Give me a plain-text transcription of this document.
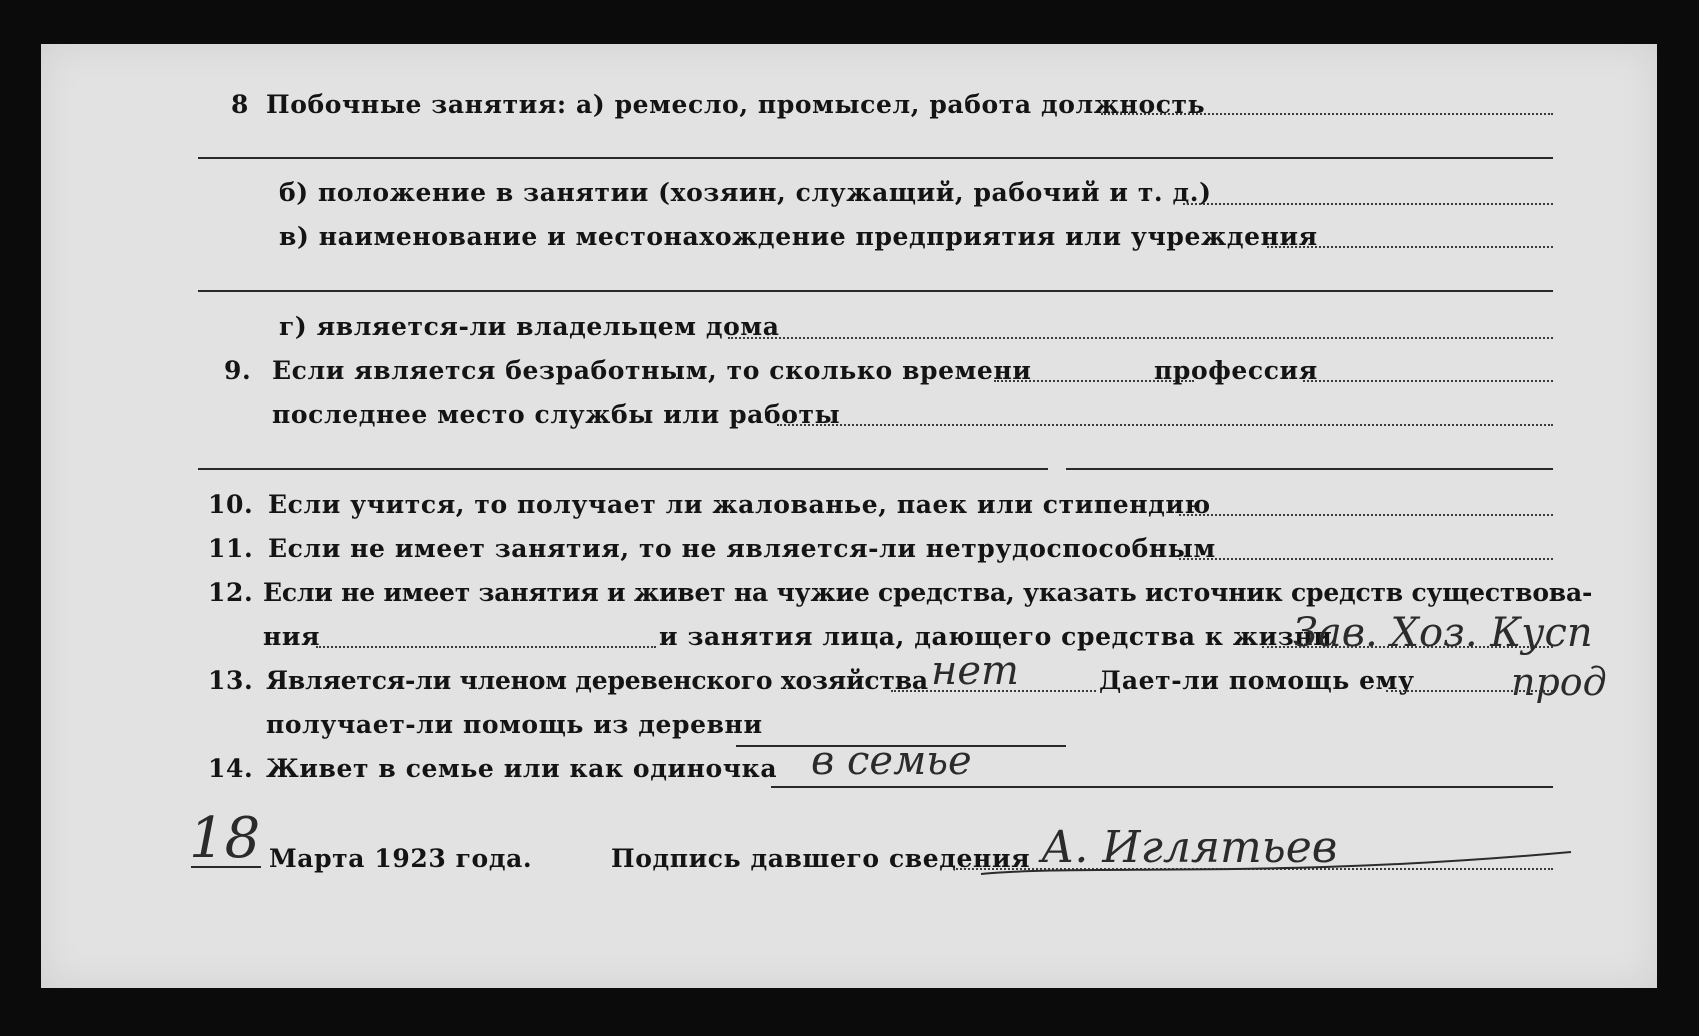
8 Побочные занятия: а) ремесло, промысел, работа должность
б) положение в занятии (хозяин, служащий, рабочий и т. д.)
в) наименование и местонахождение предприятия или учреждения
г) является-ли владельцем дома
9. Если является безработным, то сколько времени	профессия
последнее место службы или работы
10. Если учится, то получает ли жалованье, паек или стипендию
11. Если не имеет занятия, то не является-ли нетрудоспособным
12. Если не имеет занятия и живет на чужие средства, указать источник средств существова-
ния	и занятия лица, дающего средства к жизни
Зав. Хоз. Кусп
прод
13. Является-ли членом деревенского хозяйства нет	Дает-ли помощь ему
получает-ли помощь из деревни
14. Живет в семье или как одиночка в семье
18 Марта 1923 года.	Подпись давшего сведения А. Иглятьев
